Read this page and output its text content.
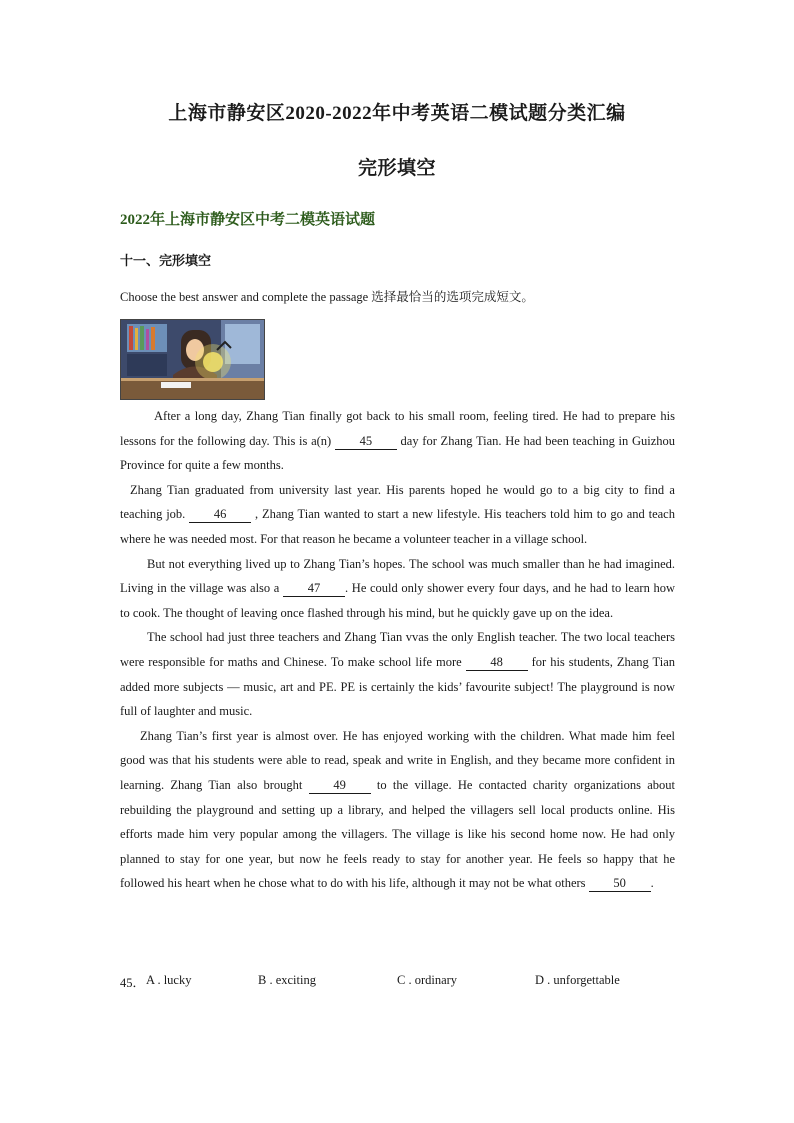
上海市静安区2020-2022年中考英语二模试题分类汇编
完形填空
2022年上海市静安区中考二模英语试题
十一、完形填空
Choose the best answer and complete the passage 选择最恰当的选项完成短文。

After a long day, Zhang Tian finally got back to his small room, feeling tired. He had to prepare his lessons for the following day. This is a(n) 45 day for Zhang Tian. He had been teaching in Guizhou Province for quite a few months.

Zhang Tian graduated from university last year. His parents hoped he would go to a big city to find a teaching job. 46 , Zhang Tian wanted to start a new lifestyle. His teachers told him to go and teach where he was needed most. For that reason he became a volunteer teacher in a village school.

But not everything lived up to Zhang Tian’s hopes. The school was much smaller than he had imagined. Living in the village was also a 47 . He could only shower every four days, and he had to learn how to cook. The thought of leaving once flashed through his mind, but he quickly gave up on the idea.

The school had just three teachers and Zhang Tian vvas the only English teacher. The two local teachers were responsible for maths and Chinese. To make school life more 48 for his students, Zhang Tian added more subjects — music, art and PE. PE is certainly the kids’ favourite subject! The playground is now full of laughter and music.

Zhang Tian’s first year is almost over. He has enjoyed working with the children. What made him feel good was that his students were able to read, speak and write in English, and they became more confident in learning. Zhang Tian also brought 49 to the village. He contacted charity organizations about rebuilding the playground and setting up a library, and helped the villagers sell local products online. His efforts made him very popular among the villagers. The village is like his second home now. He had only planned to stay for one year, but now he feels ready to stay for another year. He feels so happy that he followed his heart when he chose what to do with his life, although it may not be what others 50 .

45． A . lucky	B . exciting	C . ordinary	D . unforgettable
